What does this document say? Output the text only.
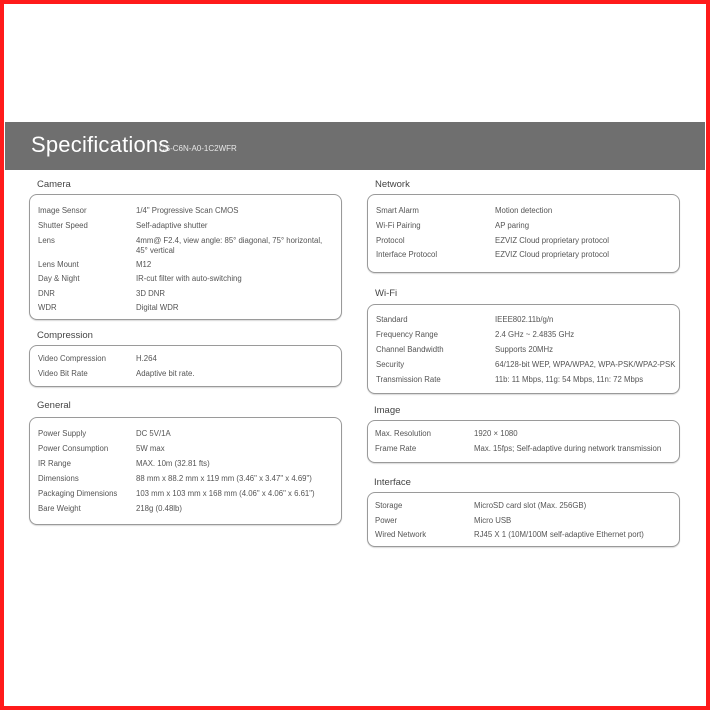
Specifications
CS-C6N-A0-1C2WFR
Camera
Image Sensor	1/4" Progressive Scan CMOS
Shutter Speed	Self-adaptive shutter
Lens	4mm@ F2.4, view angle: 85° diagonal, 75° horizontal, 45° vertical
Lens Mount	M12
Day & Night	IR-cut filter with auto-switching
DNR	3D DNR
WDR	Digital WDR
Compression
Video Compression	H.264
Video Bit Rate	Adaptive bit rate.
General
Power Supply	DC 5V/1A
Power Consumption	5W max
IR Range	MAX. 10m (32.81 fts)
Dimensions	88 mm x 88.2 mm x 119 mm (3.46" x 3.47" x 4.69")
Packaging Dimensions 103 mm x 103 mm x 168 mm (4.06" x 4.06" x 6.61")
Bare Weight	218g (0.48lb)
Network
Smart Alarm	Motion detection
Wi-Fi Pairing	AP paring
Protocol	EZVIZ Cloud proprietary protocol
Interface Protocol	EZVIZ Cloud proprietary protocol
Wi-Fi
Standard	IEEE802.11b/g/n
Frequency Range	2.4 GHz ~ 2.4835 GHz
Channel Bandwidth	Supports 20MHz
Security	64/128-bit WEP, WPA/WPA2, WPA-PSK/WPA2-PSK
Transmission Rate	11b: 11 Mbps, 11g: 54 Mbps, 11n: 72 Mbps
Image
Max. Resolution	1920 × 1080
Frame Rate	Max. 15fps; Self-adaptive during network transmission
Interface
Storage	MicroSD card slot (Max. 256GB)
Power	Micro USB
Wired Network	RJ45 X 1 (10M/100M self-adaptive Ethernet port)
